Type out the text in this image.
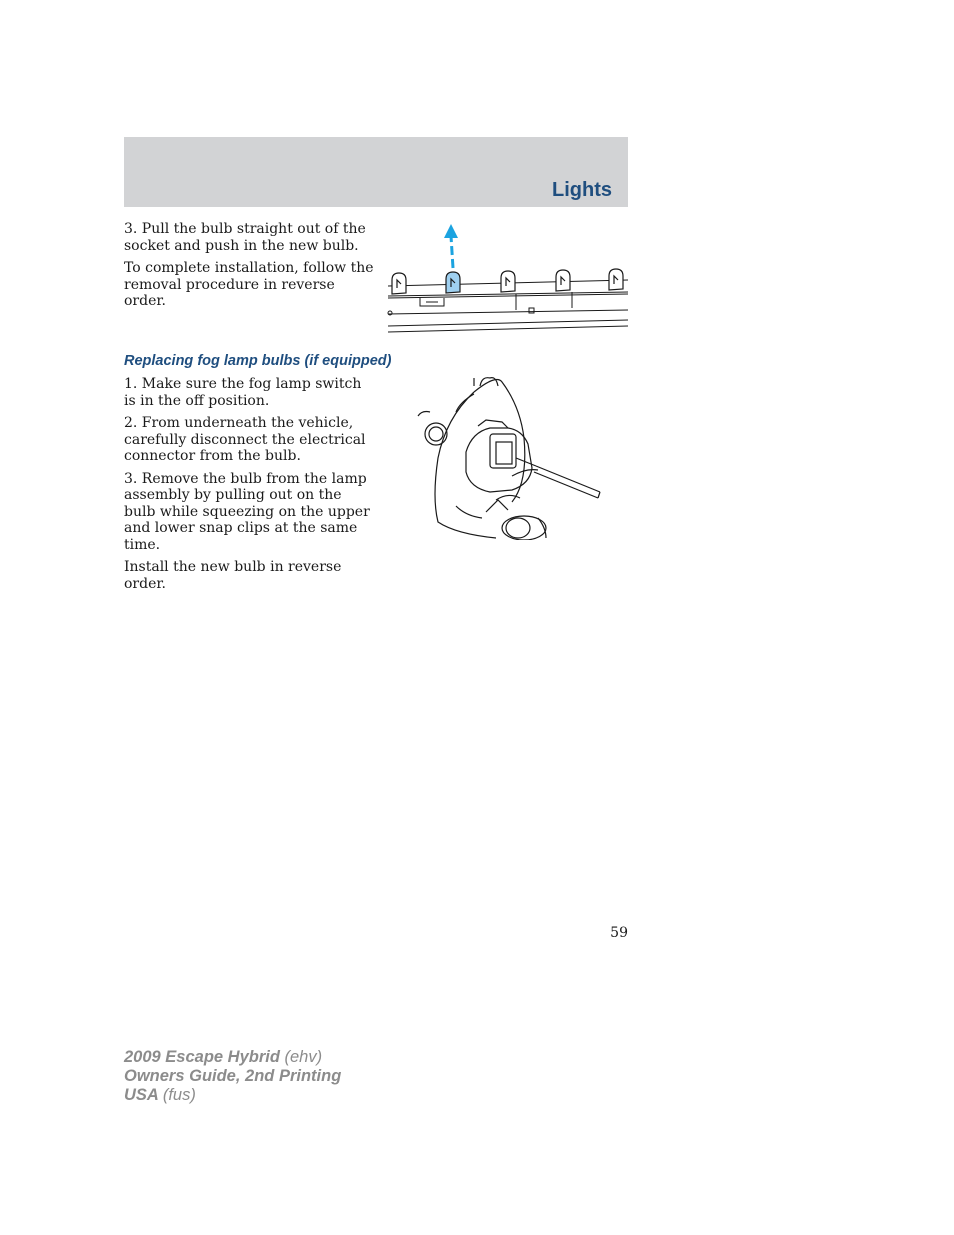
Lights

3. Pull the bulb straight out of the socket and push in the new bulb.

To complete installation, follow the removal procedure in reverse order.

Replacing fog lamp bulbs (if equipped)

1. Make sure the fog lamp switch is in the off position.

2. From underneath the vehicle, carefully disconnect the electrical connector from the bulb.

3. Remove the bulb from the lamp assembly by pulling out on the bulb while squeezing on the upper and lower snap clips at the same time.

Install the new bulb in reverse order.

59
2009 Escape Hybrid (ehv)
Owners Guide, 2nd Printing
USA (fus)
